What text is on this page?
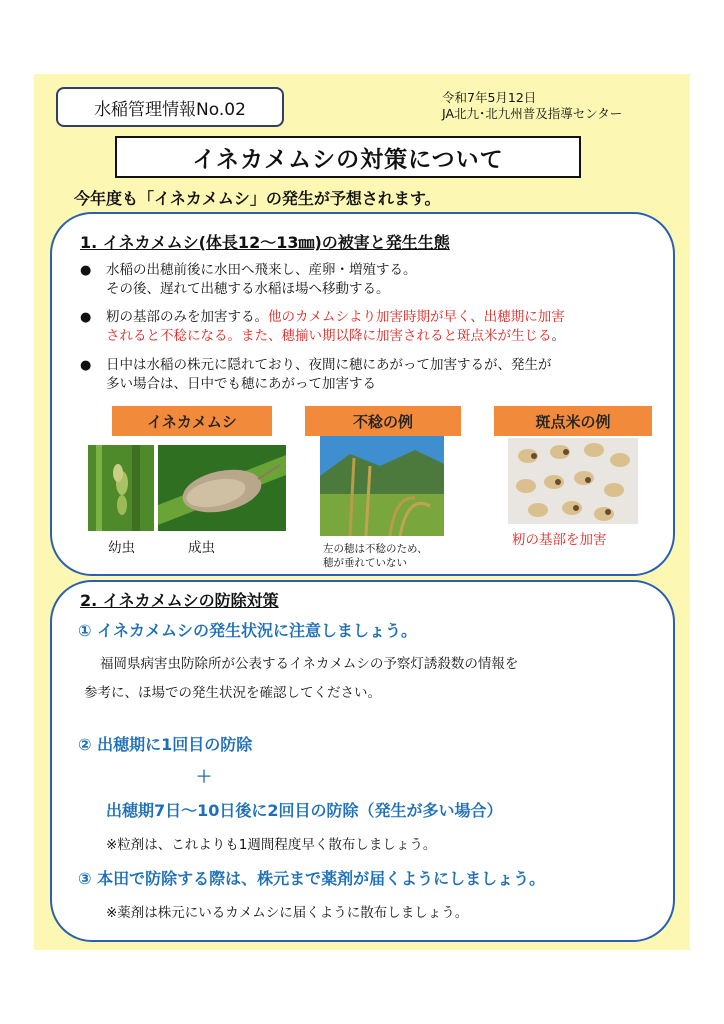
水稲管理情報No.02
令和7年5月12日
JA北九･北九州普及指導センター
イネカメムシの対策について
今年度も「イネカメムシ」の発生が予想されます。
1. イネカメムシ(体長12～13㎜)の被害と発生生態
● 水稲の出穂前後に水田へ飛来し、産卵・増殖する。
その後、遅れて出穂する水稲ほ場へ移動する。
● 籾の基部のみを加害する。他のカメムシより加害時期が早く、出穂期に加害
されると不稔になる。また、穂揃い期以降に加害されると斑点米が生じる。
● 日中は水稲の株元に隠れており、夜間に穂にあがって加害するが、発生が
多い場合は、日中でも穂にあがって加害する
イネカメムシ	不稔の例	斑点米の例
幼虫	成虫	左の穂は不稔のため、
穂が垂れていない
籾の基部を加害
2. イネカメムシの防除対策
① イネカメムシの発生状況に注意しましょう。
福岡県病害虫防除所が公表するイネカメムシの予察灯誘殺数の情報を
参考に、ほ場での発生状況を確認してください。
② 出穂期に1回目の防除
＋
出穂期7日～10日後に2回目の防除（発生が多い場合）
※粒剤は、これよりも1週間程度早く散布しましょう。
③ 本田で防除する際は、株元まで薬剤が届くようにしましょう。
※薬剤は株元にいるカメムシに届くように散布しましょう。
